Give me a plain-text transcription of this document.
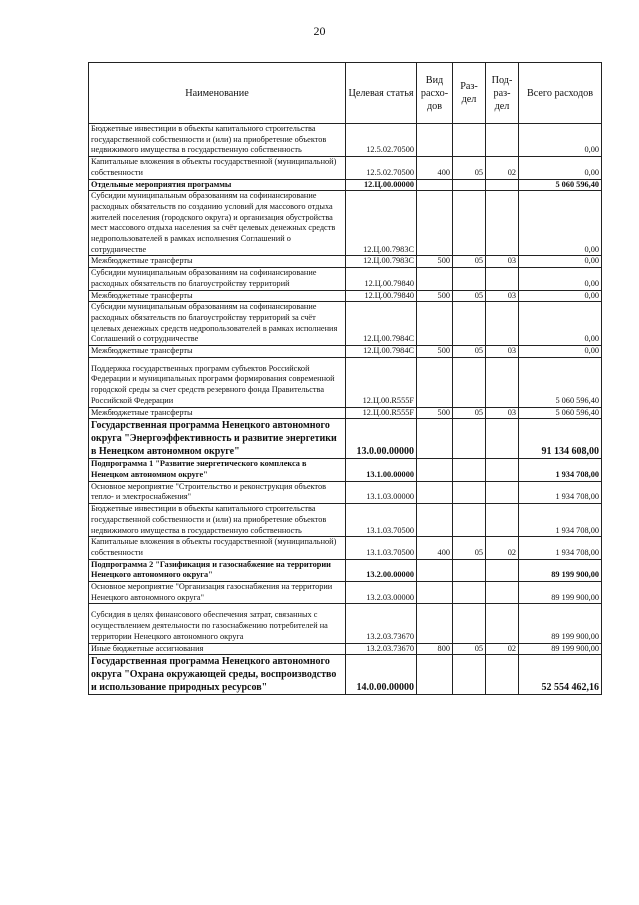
20
Наименование	Целевая статья	Вид расхо-дов	Раз-дел	Под-раз-дел	Всего расходов
Бюджетные инвестиции в объекты капитального строительства государственной собственности и (или) на приобретение объектов недвижимого имущества в государственную собственность	12.5.02.70500				0,00
Капитальные вложения в объекты государственной (муниципальной) собственности	12.5.02.70500	400	05	02	0,00
Отдельные мероприятия программы	12.Ц.00.00000				5 060 596,40
Субсидии муниципальным образованиям на софинансирование расходных обязательств по созданию условий для массового отдыха жителей поселения (городского округа) и организация обустройства мест массового отдыха населения за счёт целевых денежных средств недропользователей в рамках исполнения Соглашений о сотрудничестве	12.Ц.00.7983С				0,00
Межбюджетные трансферты	12.Ц.00.7983С	500	05	03	0,00
Субсидии муниципальным образованиям на софинансирование расходных обязательств по благоустройству территорий	12.Ц.00.79840				0,00
Межбюджетные трансферты	12.Ц.00.79840	500	05	03	0,00
Субсидии муниципальным образованиям на софинансирование расходных обязательств по благоустройству территорий за счёт целевых денежных средств недропользователей в рамках исполнения Соглашений о сотрудничестве	12.Ц.00.7984С				0,00
Межбюджетные трансферты	12.Ц.00.7984С	500	05	03	0,00
Поддержка государственных программ субъектов Российской Федерации и муниципальных программ формирования современной городской среды за счет средств резервного фонда Правительства Российской Федерации	12.Ц.00.R555F				5 060 596,40
Межбюджетные трансферты	12.Ц.00.R555F	500	05	03	5 060 596,40
Государственная программа Ненецкого автономного округа "Энергоэффективность и развитие энергетики в Ненецком автономном округе"	13.0.00.00000				91 134 608,00
Подпрограмма 1 "Развитие энергетического комплекса в Ненецком автономном округе"	13.1.00.00000				1 934 708,00
Основное мероприятие "Строительство и реконструкция объектов тепло- и электроснабжения"	13.1.03.00000				1 934 708,00
Бюджетные инвестиции в объекты капитального строительства государственной собственности и (или) на приобретение объектов недвижимого имущества в государственную собственность	13.1.03.70500				1 934 708,00
Капитальные вложения в объекты государственной (муниципальной) собственности	13.1.03.70500	400	05	02	1 934 708,00
Подпрограмма 2 "Газификация и газоснабжение на территории Ненецкого автономного округа"	13.2.00.00000				89 199 900,00
Основное мероприятие "Организация газоснабжения на территории Ненецкого автономного округа"	13.2.03.00000				89 199 900,00
Субсидия в целях финансового обеспечения затрат, связанных с осуществлением деятельности по газоснабжению потребителей на территории Ненецкого автономного округа	13.2.03.73670				89 199 900,00
Иные бюджетные ассигнования	13.2.03.73670	800	05	02	89 199 900,00
Государственная программа Ненецкого автономного округа "Охрана окружающей среды, воспроизводство и использование природных ресурсов"	14.0.00.00000				52 554 462,16
